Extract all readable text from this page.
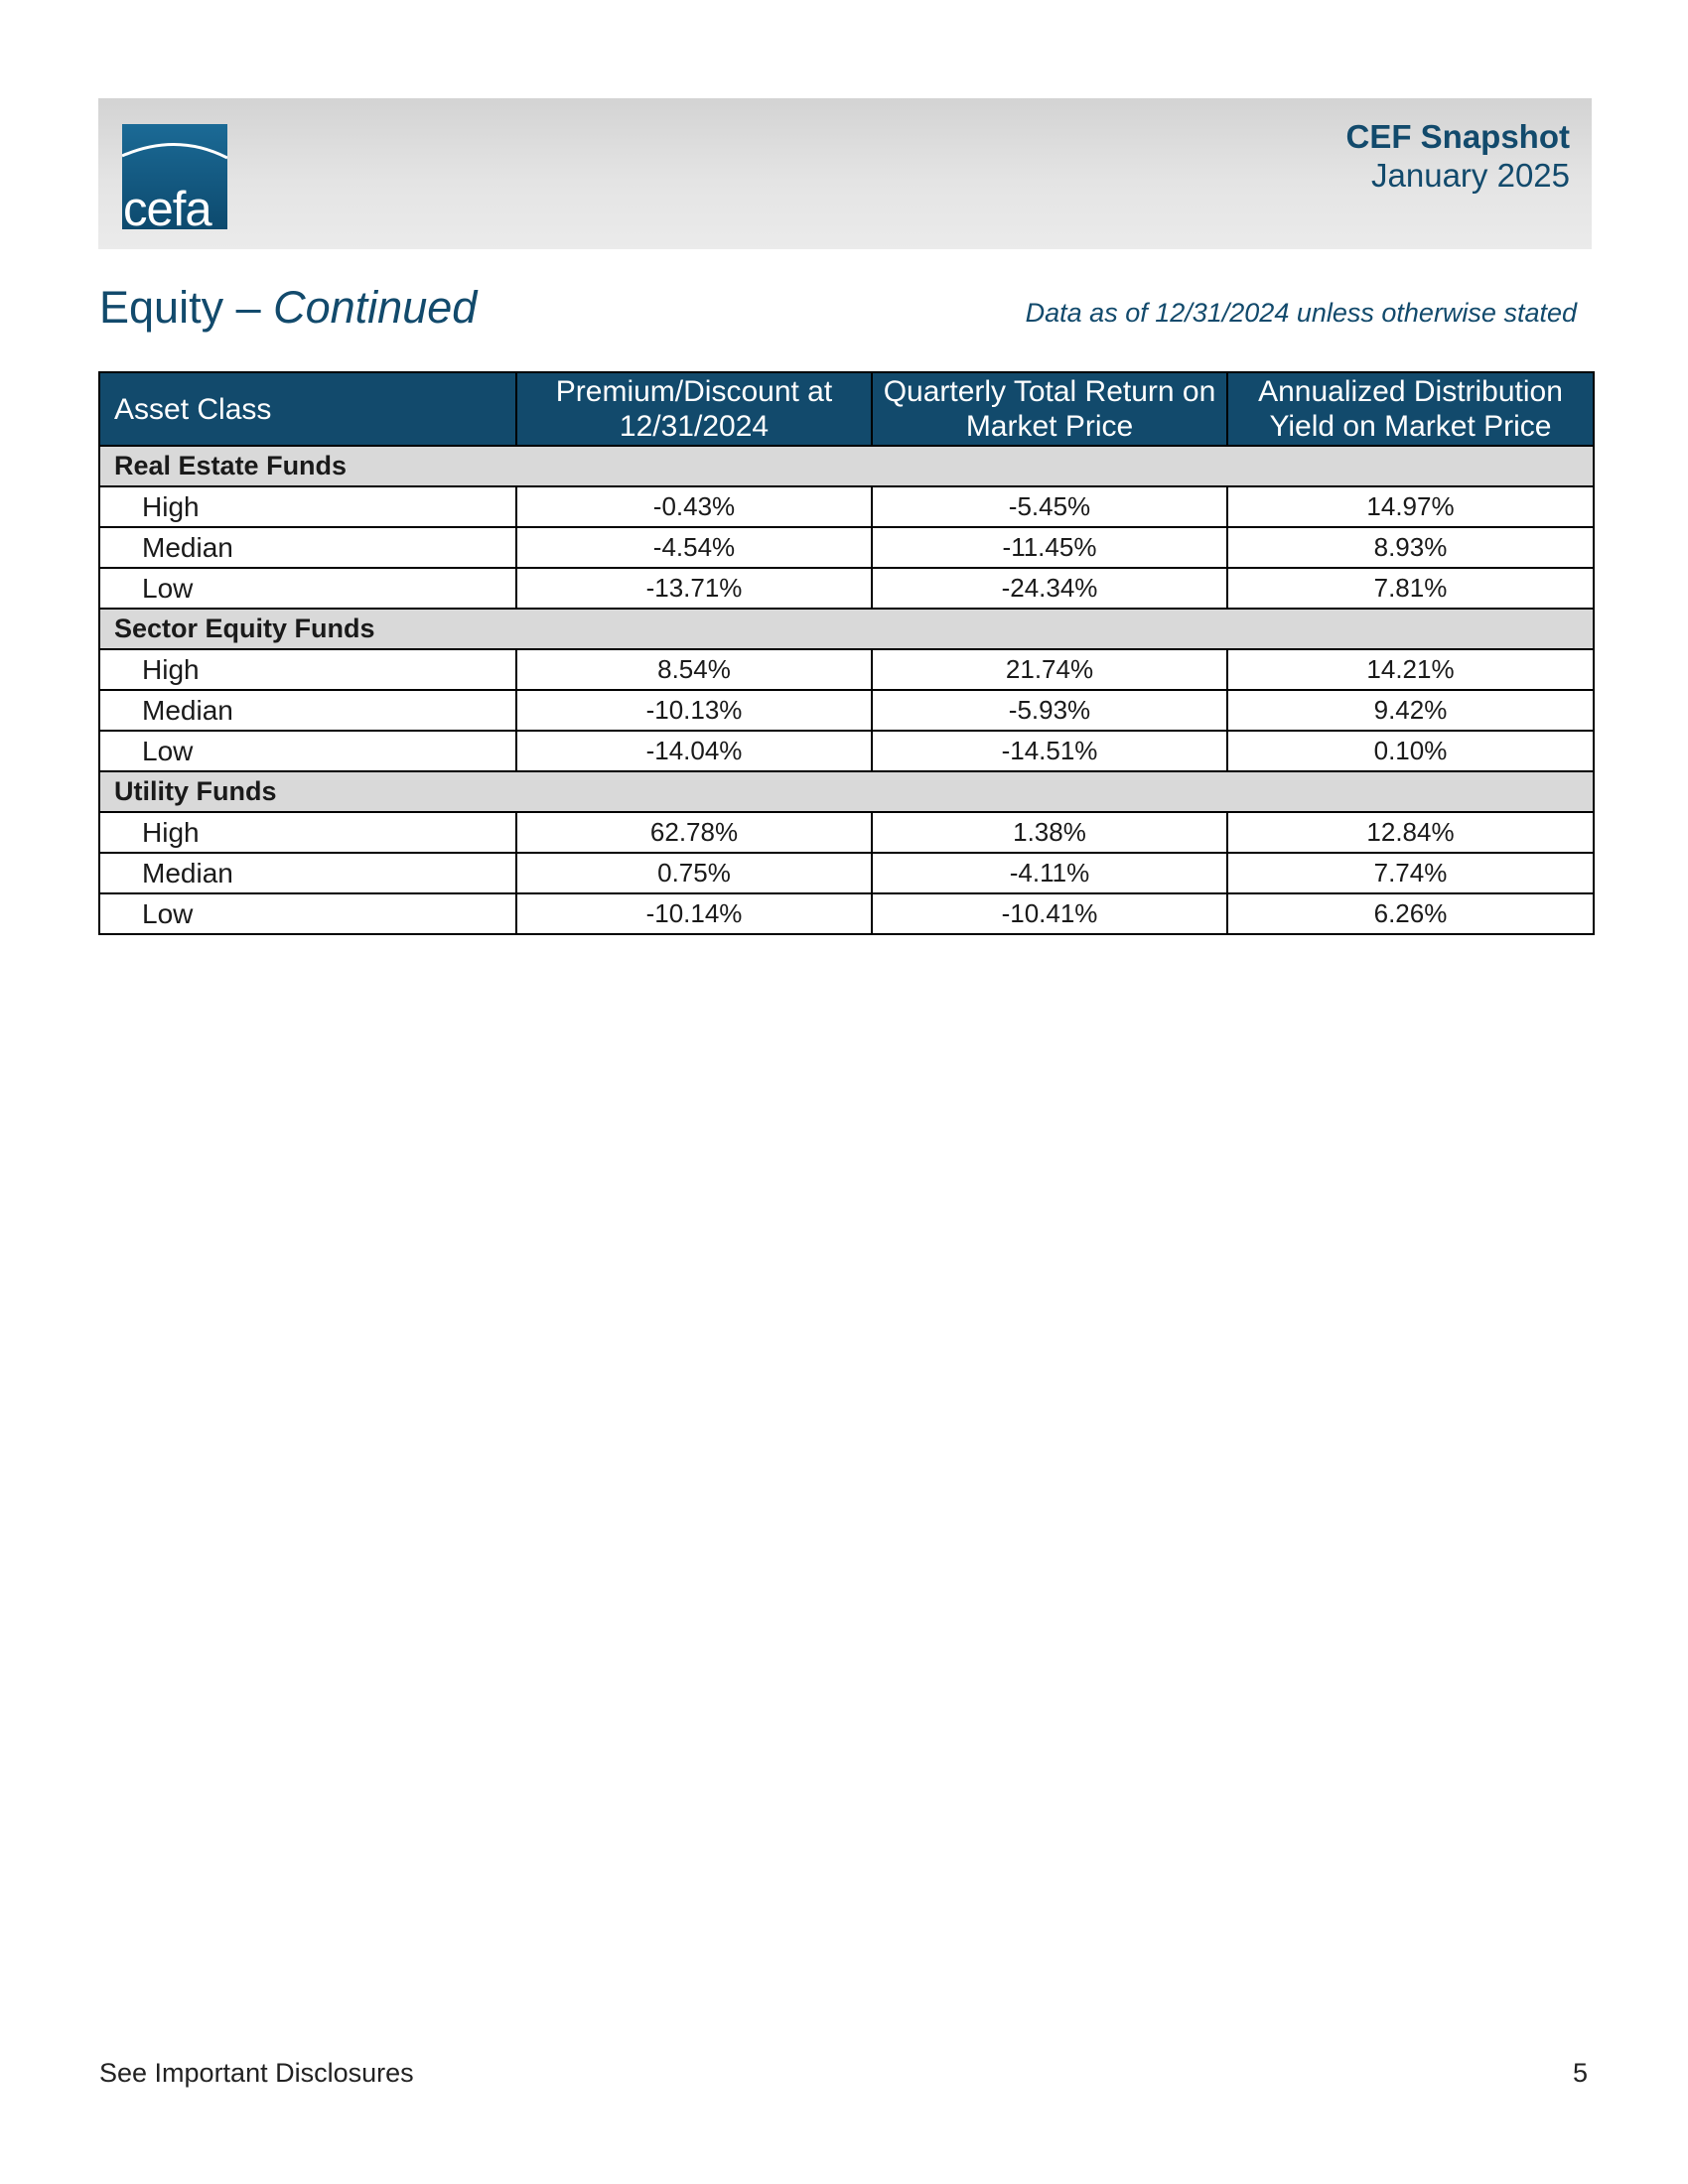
cefa
CEF Snapshot
January 2025
Equity – Continued	Data as of 12/31/2024 unless otherwise stated
Asset Class	Premium/Discount at 12/31/2024	Quarterly Total Return on Market Price	Annualized Distribution Yield on Market Price
Real Estate Funds			
High	-0.43%	-5.45%	14.97%
Median	-4.54%	-11.45%	8.93%
Low	-13.71%	-24.34%	7.81%
Sector Equity Funds			
High	8.54%	21.74%	14.21%
Median	-10.13%	-5.93%	9.42%
Low	-14.04%	-14.51%	0.10%
Utility Funds			
High	62.78%	1.38%	12.84%
Median	0.75%	-4.11%	7.74%
Low	-10.14%	-10.41%	6.26%
See Important Disclosures	5
